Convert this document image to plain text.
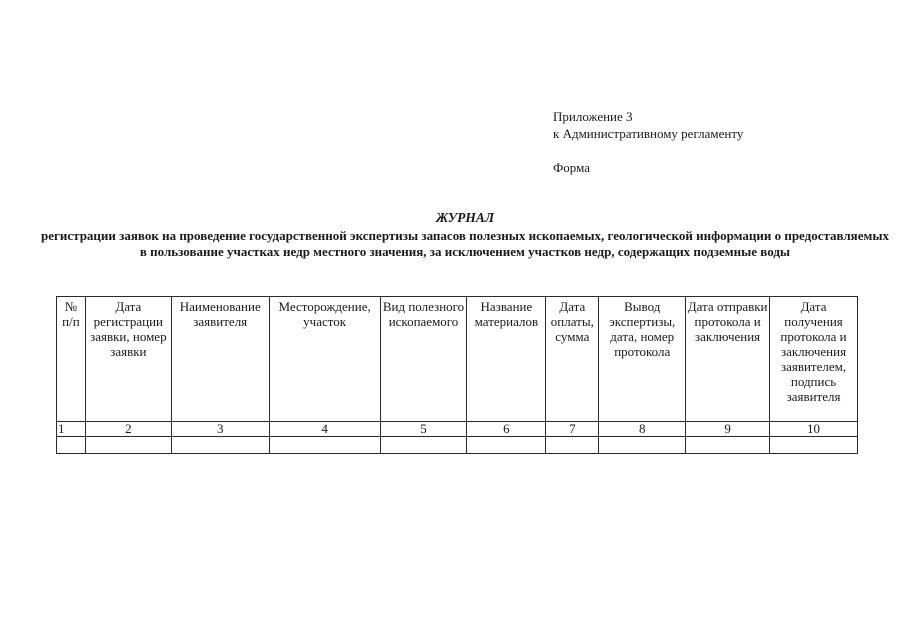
Приложение 3
к Административному регламенту
Форма
ЖУРНАЛ
регистрации заявок на проведение государственной экспертизы запасов полезных ископаемых, геологической информации о предоставляемых в пользование участках недр местного значения, за исключением участков недр, содержащих подземные воды
№ п/п	Дата регистрации заявки, номер заявки	Наименование заявителя	Месторождение, участок	Вид полезного ископаемого	Название материалов	Дата оплаты, сумма	Вывод экспертизы, дата, номер протокола	Дата отправки протокола и заключения	Дата получения протокола и заключения заявителем, подпись заявителя
1	2	3	4	5	6	7	8	9	10
